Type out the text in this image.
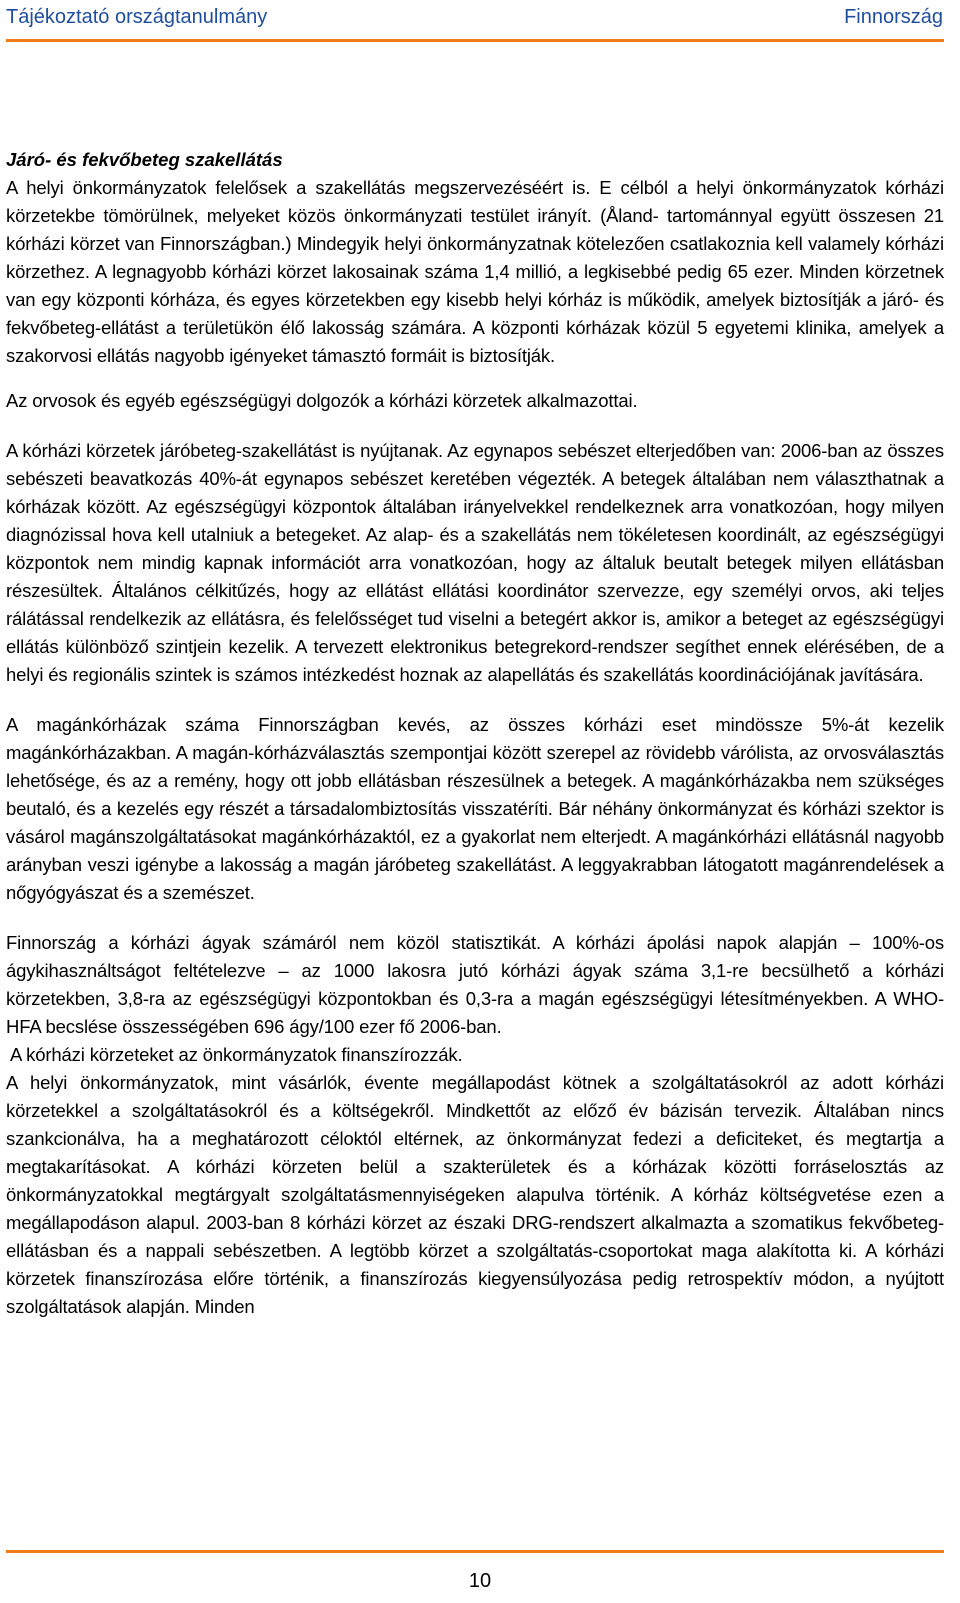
Tájékoztató országtanulmány	Finnország
Járó- és fekvőbeteg szakellátás

A helyi önkormányzatok felelősek a szakellátás megszervezéséért is. E célból a helyi önkormányzatok kórházi körzetekbe tömörülnek, melyeket közös önkormányzati testület irányít. (Åland- tartománnyal együtt összesen 21 kórházi körzet van Finnországban.) Mindegyik helyi önkormányzatnak kötelezően csatlakoznia kell valamely kórházi körzethez. A legnagyobb kórházi körzet lakosainak száma 1,4 millió, a legkisebbé pedig 65 ezer. Minden körzetnek van egy központi kórháza, és egyes körzetekben egy kisebb helyi kórház is működik, amelyek biztosítják a járó- és fekvőbeteg-ellátást a területükön élő lakosság számára. A központi kórházak közül 5 egyetemi klinika, amelyek a szakorvosi ellátás nagyobb igényeket támasztó formáit is biztosítják.

Az orvosok és egyéb egészségügyi dolgozók a kórházi körzetek alkalmazottai.

A kórházi körzetek járóbeteg-szakellátást is nyújtanak. Az egynapos sebészet elterjedőben van: 2006-ban az összes sebészeti beavatkozás 40%-át egynapos sebészet keretében végezték. A betegek általában nem választhatnak a kórházak között. Az egészségügyi központok általában irányelvekkel rendelkeznek arra vonatkozóan, hogy milyen diagnózissal hova kell utalniuk a betegeket. Az alap- és a szakellátás nem tökéletesen koordinált, az egészségügyi központok nem mindig kapnak információt arra vonatkozóan, hogy az általuk beutalt betegek milyen ellátásban részesültek. Általános célkitűzés, hogy az ellátást ellátási koordinátor szervezze, egy személyi orvos, aki teljes rálátással rendelkezik az ellátásra, és felelősséget tud viselni a betegért akkor is, amikor a beteget az egészségügyi ellátás különböző szintjein kezelik. A tervezett elektronikus betegrekord-rendszer segíthet ennek elérésében, de a helyi és regionális szintek is számos intézkedést hoznak az alapellátás és szakellátás koordinációjának javítására.

A magánkórházak száma Finnországban kevés, az összes kórházi eset mindössze 5%-át kezelik magánkórházakban. A magán-kórházválasztás szempontjai között szerepel az rövidebb várólista, az orvosválasztás lehetősége, és az a remény, hogy ott jobb ellátásban részesülnek a betegek. A magánkórházakba nem szükséges beutaló, és a kezelés egy részét a társadalombiztosítás visszatéríti. Bár néhány önkormányzat és kórházi szektor is vásárol magánszolgáltatásokat magánkórházaktól, ez a gyakorlat nem elterjedt. A magánkórházi ellátásnál nagyobb arányban veszi igénybe a lakosság a magán járóbeteg szakellátást. A leggyakrabban látogatott magánrendelések a nőgyógyászat és a szemészet.

Finnország a kórházi ágyak számáról nem közöl statisztikát. A kórházi ápolási napok alapján – 100%-os ágykihasználtságot feltételezve – az 1000 lakosra jutó kórházi ágyak száma 3,1-re becsülhető a kórházi körzetekben, 3,8-ra az egészségügyi központokban és 0,3-ra a magán egészségügyi létesítményekben. A WHO-HFA becslése összességében 696 ágy/100 ezer fő 2006-ban.

A kórházi körzeteket az önkormányzatok finanszírozzák.

A helyi önkormányzatok, mint vásárlók, évente megállapodást kötnek a szolgáltatásokról az adott kórházi körzetekkel a szolgáltatásokról és a költségekről. Mindkettőt az előző év bázisán tervezik. Általában nincs szankcionálva, ha a meghatározott céloktól eltérnek, az önkormányzat fedezi a deficiteket, és megtartja a megtakarításokat. A kórházi körzeten belül a szakterületek és a kórházak közötti forráselosztás az önkormányzatokkal megtárgyalt szolgáltatásmennyiségeken alapulva történik. A kórház költségvetése ezen a megállapodáson alapul. 2003-ban 8 kórházi körzet az északi DRG-rendszert alkalmazta a szomatikus fekvőbeteg-ellátásban és a nappali sebészetben. A legtöbb körzet a szolgáltatás-csoportokat maga alakította ki. A kórházi körzetek finanszírozása előre történik, a finanszírozás kiegyensúlyozása pedig retrospektív módon, a nyújtott szolgáltatások alapján. Minden

10
